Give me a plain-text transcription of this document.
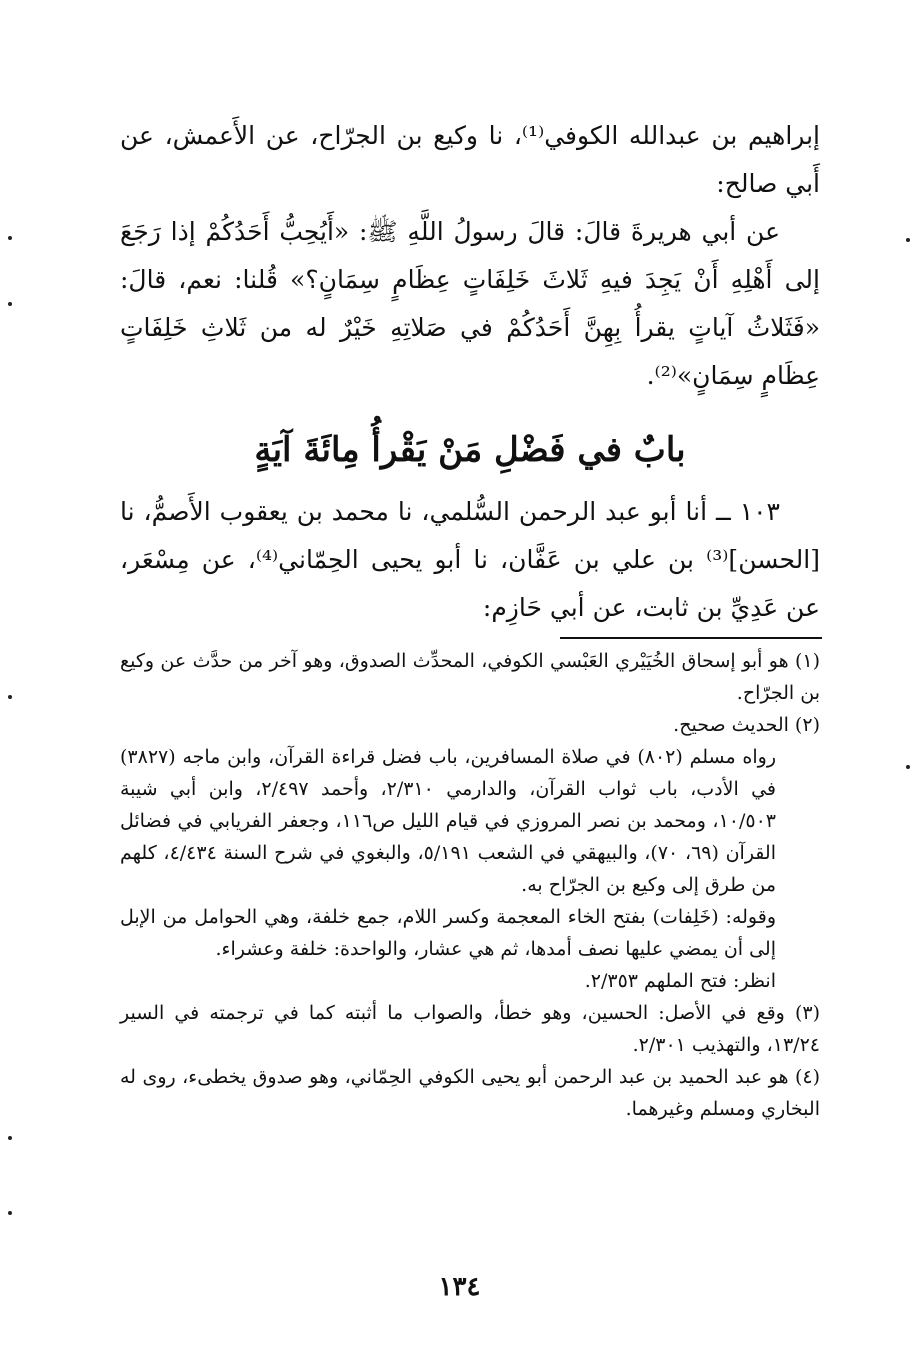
إبراهيم بن عبدالله الكوفي⁽¹⁾، نا وكيع بن الجرّاح، عن الأَعمش، عن أَبي صالح:

عن أبي هريرةَ قالَ: قالَ رسولُ اللَّهِ ﷺ: «أَيُحِبُّ أَحَدُكُمْ إذا رَجَعَ إلى أَهْلِهِ أَنْ يَجِدَ فيهِ ثَلاثَ خَلِفَاتٍ عِظَامٍ سِمَانٍ؟» قُلنا: نعم، قالَ: «فَثَلاثُ آياتٍ يقرأُ بِهِنَّ أَحَدُكُمْ في صَلاتِهِ خَيْرٌ له من ثَلاثِ خَلِفَاتٍ عِظَامٍ سِمَانٍ»⁽²⁾.

بابٌ في فَضْلِ مَنْ يَقْرأُ مِائَةَ آيَةٍ

١٠٣ ــ أنا أبو عبد الرحمن السُّلمي، نا محمد بن يعقوب الأَصمُّ، نا [الحسن]⁽³⁾ بن علي بن عَفَّان، نا أبو يحيى الحِمّاني⁽⁴⁾، عن مِسْعَر، عن عَدِيِّ بن ثابت، عن أبي حَازِم:

(١) هو أبو إسحاق الخُيَيْري العَبْسي الكوفي، المحدِّث الصدوق، وهو آخر من حدَّث عن وكيع بن الجرّاح.

(٢) الحديث صحيح.

رواه مسلم (٨٠٢) في صلاة المسافرين، باب فضل قراءة القرآن، وابن ماجه (٣٨٢٧) في الأدب، باب ثواب القرآن، والدارمي ٢/٣١٠، وأحمد ٢/٤٩٧، وابن أبي شيبة ١٠/٥٠٣، ومحمد بن نصر المروزي في قيام الليل ص١١٦، وجعفر الفريابي في فضائل القرآن (٦٩، ٧٠)، والبيهقي في الشعب ٥/١٩١، والبغوي في شرح السنة ٤/٤٣٤، كلهم من طرق إلى وكيع بن الجرّاح به.

وقوله: (خَلِفات) بفتح الخاء المعجمة وكسر اللام، جمع خلفة، وهي الحوامل من الإبل إلى أن يمضي عليها نصف أمدها، ثم هي عشار، والواحدة: خلفة وعشراء.

انظر: فتح الملهم ٢/٣٥٣.

(٣) وقع في الأصل: الحسين، وهو خطأ، والصواب ما أثبته كما في ترجمته في السير ١٣/٢٤، والتهذيب ٢/٣٠١.

(٤) هو عبد الحميد بن عبد الرحمن أبو يحيى الكوفي الحِمّاني، وهو صدوق يخطىء، روى له البخاري ومسلم وغيرهما.

١٣٤
